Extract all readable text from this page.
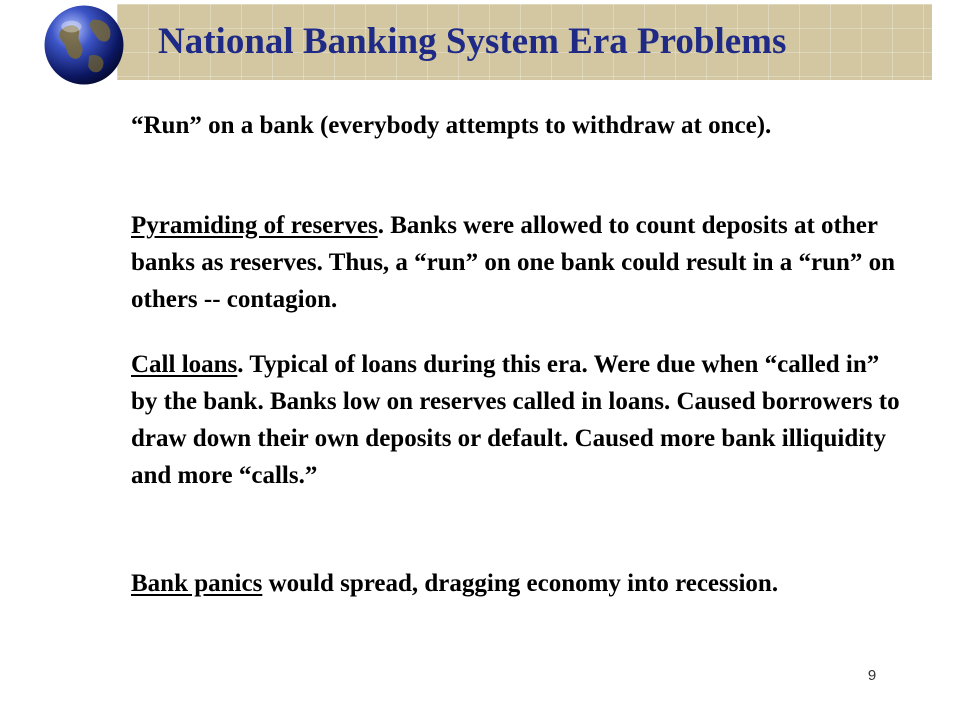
National Banking System Era Problems
“Run” on a bank (everybody attempts to withdraw at once).
Pyramiding of reserves. Banks were allowed to count deposits at other banks as reserves. Thus, a “run” on one bank could result in a “run” on others -- contagion.
Call loans. Typical of loans during this era. Were due when “called in” by the bank. Banks low on reserves called in loans. Caused borrowers to draw down their own deposits or default. Caused more bank illiquidity and more “calls.”
Bank panics would spread, dragging economy into recession.
9
